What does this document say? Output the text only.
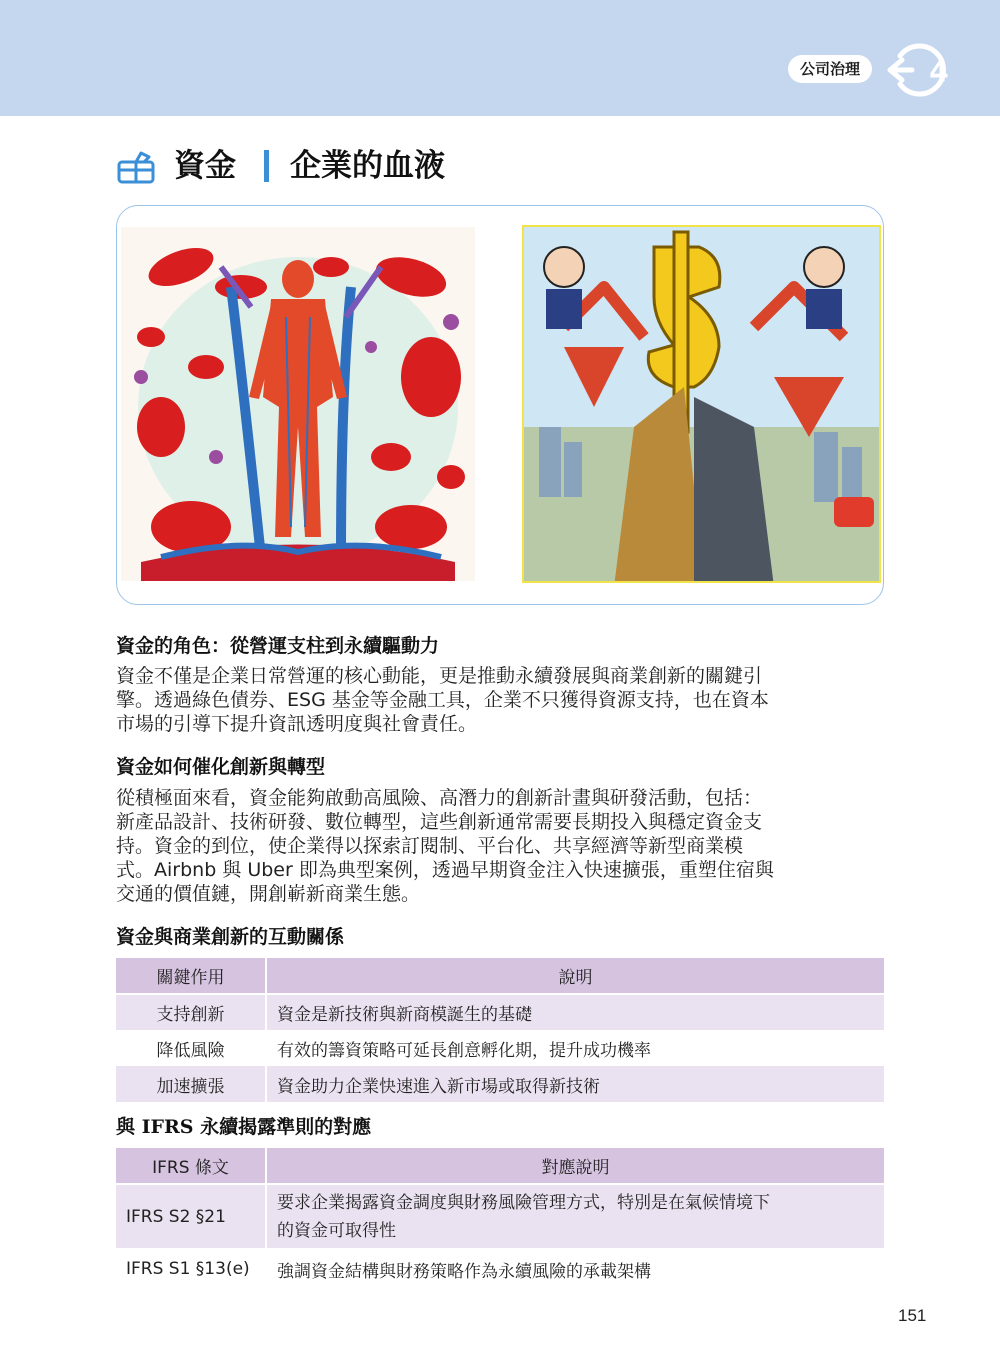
公司治理	4
資金 企業的血液
資金的角色：從營運支柱到永續驅動力
資金不僅是企業日常營運的核心動能，更是推動永續發展與商業創新的關鍵引
擎。透過綠色債券、ESG 基金等金融工具，企業不只獲得資源支持，也在資本
市場的引導下提升資訊透明度與社會責任。
資金如何催化創新與轉型
從積極面來看，資金能夠啟動高風險、高潛力的創新計畫與研發活動，包括：
新產品設計、技術研發、數位轉型，這些創新通常需要長期投入與穩定資金支
持。資金的到位，使企業得以探索訂閱制、平台化、共享經濟等新型商業模
式。Airbnb 與 Uber 即為典型案例，透過早期資金注入快速擴張，重塑住宿與
交通的價值鏈，開創嶄新商業生態。
資金與商業創新的互動關係
關鍵作用	說明
支持創新	資金是新技術與新商模誕生的基礎
降低風險	有效的籌資策略可延長創意孵化期，提升成功機率
加速擴張	資金助力企業快速進入新市場或取得新技術
與 IFRS 永續揭露準則的對應
IFRS 條文	對應說明
IFRS S2 §21	要求企業揭露資金調度與財務風險管理方式，特別是在氣候情境下
的資金可取得性

IFRS S1 §13(e)	強調資金結構與財務策略作為永續風險的承載架構
151
